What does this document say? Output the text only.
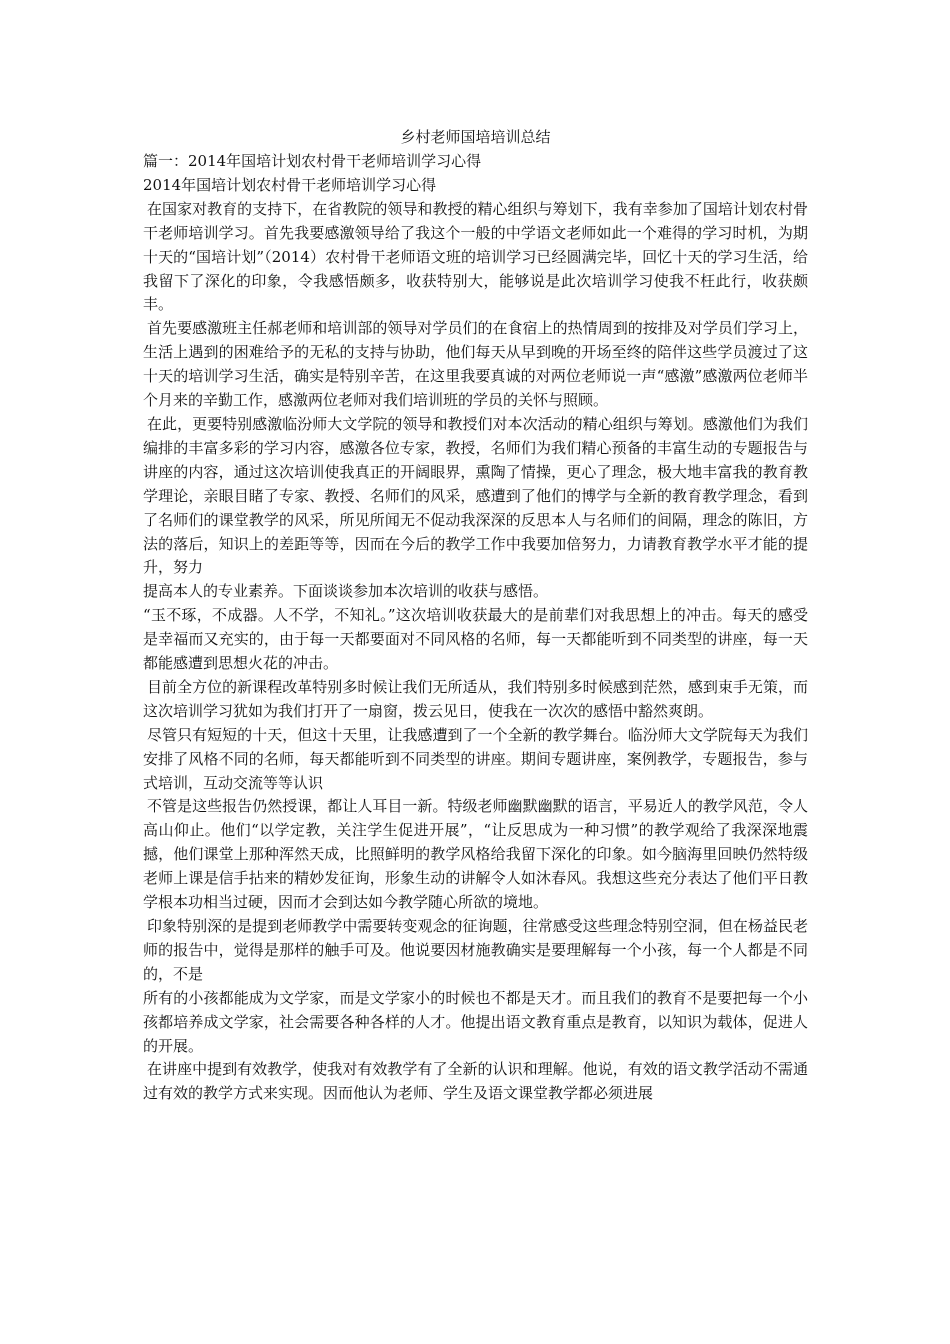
乡村老师国培培训总结

篇一：2014年国培计划农村骨干老师培训学习心得

2014年国培计划农村骨干老师培训学习心得

在国家对教育的支持下，在省教院的领导和教授的精心组织与筹划下，我有幸参加了国培计划农村骨干老师培训学习。首先我要感激领导给了我这个一般的中学语文老师如此一个难得的学习时机，为期十天的“国培计划”（2014）农村骨干老师语文班的培训学习已经圆满完毕，回忆十天的学习生活，给我留下了深化的印象，令我感悟颇多，收获特别大，能够说是此次培训学习使我不枉此行，收获颇丰。

首先要感激班主任郝老师和培训部的领导对学员们的在食宿上的热情周到的按排及对学员们学习上，生活上遇到的困难给予的无私的支持与协助，他们每天从早到晚的开场至终的陪伴这些学员渡过了这十天的培训学习生活，确实是特别辛苦，在这里我要真诚的对两位老师说一声“感激”感激两位老师半个月来的辛勤工作，感激两位老师对我们培训班的学员的关怀与照顾。

在此，更要特别感激临汾师大文学院的领导和教授们对本次活动的精心组织与筹划。感激他们为我们编排的丰富多彩的学习内容，感激各位专家，教授，名师们为我们精心预备的丰富生动的专题报告与讲座的内容，通过这次培训使我真正的开阔眼界，熏陶了情操，更心了理念，极大地丰富我的教育教学理论，亲眼目睹了专家、教授、名师们的风采，感遭到了他们的博学与全新的教育教学理念，看到了名师们的课堂教学的风采，所见所闻无不促动我深深的反思本人与名师们的间隔，理念的陈旧，方法的落后，知识上的差距等等，因而在今后的教学工作中我要加倍努力，力请教育教学水平才能的提升，努力

提高本人的专业素养。下面谈谈参加本次培训的收获与感悟。

“玉不琢，不成器。人不学，不知礼。”这次培训收获最大的是前辈们对我思想上的冲击。每天的感受是幸福而又充实的，由于每一天都要面对不同风格的名师，每一天都能听到不同类型的讲座，每一天都能感遭到思想火花的冲击。

目前全方位的新课程改革特别多时候让我们无所适从，我们特别多时候感到茫然，感到束手无策，而这次培训学习犹如为我们打开了一扇窗，拨云见日，使我在一次次的感悟中豁然爽朗。

尽管只有短短的十天，但这十天里，让我感遭到了一个全新的教学舞台。临汾师大文学院每天为我们安排了风格不同的名师，每天都能听到不同类型的讲座。期间专题讲座，案例教学，专题报告，参与式培训，互动交流等等认识

不管是这些报告仍然授课，都让人耳目一新。特级老师幽默幽默的语言，平易近人的教学风范，令人高山仰止。他们“以学定教，关注学生促进开展”，“让反思成为一种习惯”的教学观给了我深深地震撼，他们课堂上那种浑然天成，比照鲜明的教学风格给我留下深化的印象。如今脑海里回映仍然特级老师上课是信手拈来的精妙发征询，形象生动的讲解令人如沐春风。我想这些充分表达了他们平日教学根本功相当过硬，因而才会到达如今教学随心所欲的境地。

印象特别深的是提到老师教学中需要转变观念的征询题，往常感受这些理念特别空洞，但在杨益民老师的报告中，觉得是那样的触手可及。他说要因材施教确实是要理解每一个小孩，每一个人都是不同的，不是

所有的小孩都能成为文学家，而是文学家小的时候也不都是天才。而且我们的教育不是要把每一个小孩都培养成文学家，社会需要各种各样的人才。他提出语文教育重点是教育，以知识为载体，促进人的开展。

在讲座中提到有效教学，使我对有效教学有了全新的认识和理解。他说，有效的语文教学活动不需通过有效的教学方式来实现。因而他认为老师、学生及语文课堂教学都必须进展
